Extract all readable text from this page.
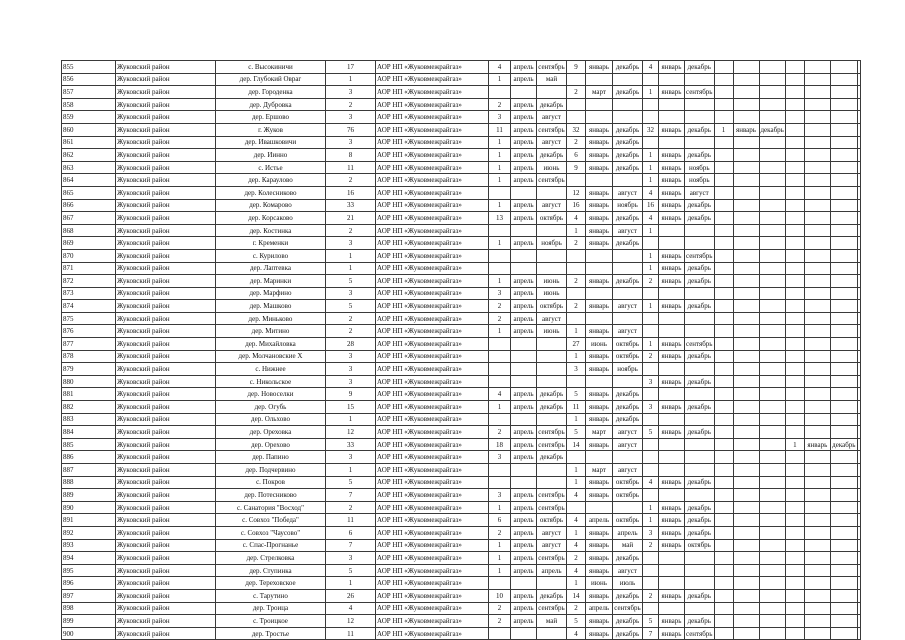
855	Жуковский район	с. Высокиничи	17	АОР НП «Жуковмежрайгаз»	4	апрель	сентябрь	9	январь	декабрь	4	январь	декабрь							
856	Жуковский район	дер. Глубокий Овраг	1	АОР НП «Жуковмежрайгаз»	1	апрель	май													
857	Жуковский район	дер. Городенка	3	АОР НП «Жуковмежрайгаз»				2	март	декабрь	1	январь	сентябрь							
858	Жуковский район	дер. Дубровка	2	АОР НП «Жуковмежрайгаз»	2	апрель	декабрь													
859	Жуковский район	дер. Ершово	3	АОР НП «Жуковмежрайгаз»	3	апрель	август													
860	Жуковский район	г. Жуков	76	АОР НП «Жуковмежрайгаз»	11	апрель	сентябрь	32	январь	декабрь	32	январь	декабрь	1	январь	декабрь				
861	Жуковский район	дер. Ивашковичи	3	АОР НП «Жуковмежрайгаз»	1	апрель	август	2	январь	декабрь										
862	Жуковский район	дер. Иинно	8	АОР НП «Жуковмежрайгаз»	1	апрель	декабрь	6	январь	декабрь	1	январь	декабрь							
863	Жуковский район	с. Истье	11	АОР НП «Жуковмежрайгаз»	1	апрель	июнь	9	январь	декабрь	1	январь	ноябрь							
864	Жуковский район	дер. Караулово	2	АОР НП «Жуковмежрайгаз»	1	апрель	сентябрь				1	январь	ноябрь							
865	Жуковский район	дер. Колесниково	16	АОР НП «Жуковмежрайгаз»				12	январь	август	4	январь	август							
866	Жуковский район	дер. Комарово	33	АОР НП «Жуковмежрайгаз»	1	апрель	август	16	январь	ноябрь	16	январь	декабрь							
867	Жуковский район	дер. Корсаково	21	АОР НП «Жуковмежрайгаз»	13	апрель	октябрь	4	январь	декабрь	4	январь	декабрь							
868	Жуковский район	дер. Костинка	2	АОР НП «Жуковмежрайгаз»				1	январь	август	1									
869	Жуковский район	г. Кременки	3	АОР НП «Жуковмежрайгаз»	1	апрель	ноябрь	2	январь	декабрь										
870	Жуковский район	с. Курилово	1	АОР НП «Жуковмежрайгаз»							1	январь	сентябрь							
871	Жуковский район	дер. Лаптевка	1	АОР НП «Жуковмежрайгаз»							1	январь	декабрь							
872	Жуковский район	дер. Маринки	5	АОР НП «Жуковмежрайгаз»	1	апрель	июнь	2	январь	декабрь	2	январь	декабрь							
873	Жуковский район	дер. Марфино	3	АОР НП «Жуковмежрайгаз»	3	апрель	июнь													
874	Жуковский район	дер. Машково	5	АОР НП «Жуковмежрайгаз»	2	апрель	октябрь	2	январь	август	1	январь	декабрь							
875	Жуковский район	дер. Миньково	2	АОР НП «Жуковмежрайгаз»	2	апрель	август													
876	Жуковский район	дер. Митино	2	АОР НП «Жуковмежрайгаз»	1	апрель	июнь	1	январь	август										
877	Жуковский район	дер. Михайловка	28	АОР НП «Жуковмежрайгаз»				27	июнь	октябрь	1	январь	сентябрь							
878	Жуковский район	дер. Молчановские Х	3	АОР НП «Жуковмежрайгаз»				1	январь	октябрь	2	январь	декабрь							
879	Жуковский район	с. Нижнее	3	АОР НП «Жуковмежрайгаз»				3	январь	ноябрь										
880	Жуковский район	с. Никольское	3	АОР НП «Жуковмежрайгаз»							3	январь	декабрь							
881	Жуковский район	дер. Новоселки	9	АОР НП «Жуковмежрайгаз»	4	апрель	декабрь	5	январь	декабрь										
882	Жуковский район	дер. Огубь	15	АОР НП «Жуковмежрайгаз»	1	апрель	декабрь	11	январь	декабрь	3	январь	декабрь							
883	Жуковский район	дер. Ольхово	1	АОР НП «Жуковмежрайгаз»				1	январь	декабрь										
884	Жуковский район	дер. Ореховка	12	АОР НП «Жуковмежрайгаз»	2	апрель	сентябрь	5	март	август	5	январь	декабрь							
885	Жуковский район	дер. Орехово	33	АОР НП «Жуковмежрайгаз»	18	апрель	сентябрь	14	январь	август							1	январь	декабрь	
886	Жуковский район	дер. Папино	3	АОР НП «Жуковмежрайгаз»	3	апрель	декабрь													
887	Жуковский район	дер. Подчервино	1	АОР НП «Жуковмежрайгаз»				1	март	август										
888	Жуковский район	с. Покров	5	АОР НП «Жуковмежрайгаз»				1	январь	октябрь	4	январь	декабрь							
889	Жуковский район	дер. Потесниково	7	АОР НП «Жуковмежрайгаз»	3	апрель	сентябрь	4	январь	октябрь										
890	Жуковский район	с. Санатория "Восход"	2	АОР НП «Жуковмежрайгаз»	1	апрель	сентябрь				1	январь	декабрь							
891	Жуковский район	с. Совхоз "Победа"	11	АОР НП «Жуковмежрайгаз»	6	апрель	октябрь	4	апрель	октябрь	1	январь	декабрь							
892	Жуковский район	с. Совхоз "Чаусово"	6	АОР НП «Жуковмежрайгаз»	2	апрель	август	1	январь	апрель	3	январь	декабрь							
893	Жуковский район	с. Спас-Прогнанье	7	АОР НП «Жуковмежрайгаз»	1	апрель	август	4	январь	май	2	январь	октябрь							
894	Жуковский район	дер. Стрелковка	3	АОР НП «Жуковмежрайгаз»	1	апрель	сентябрь	2	январь	декабрь										
895	Жуковский район	дер. Ступинка	5	АОР НП «Жуковмежрайгаз»	1	апрель	апрель	4	январь	август										
896	Жуковский район	дер. Тереховское	1	АОР НП «Жуковмежрайгаз»				1	июнь	июль										
897	Жуковский район	с. Тарутино	26	АОР НП «Жуковмежрайгаз»	10	апрель	декабрь	14	январь	декабрь	2	январь	декабрь							
898	Жуковский район	дер. Троица	4	АОР НП «Жуковмежрайгаз»	2	апрель	сентябрь	2	апрель	сентябрь										
899	Жуковский район	с. Троицкое	12	АОР НП «Жуковмежрайгаз»	2	апрель	май	5	январь	декабрь	5	январь	декабрь							
900	Жуковский район	дер. Тростье	11	АОР НП «Жуковмежрайгаз»				4	январь	декабрь	7	январь	сентябрь							
